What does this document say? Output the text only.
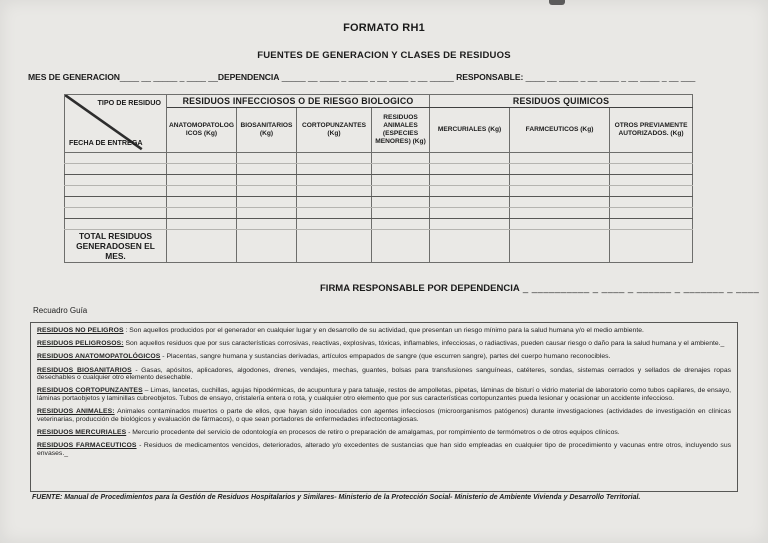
FORMATO RH1
FUENTES DE GENERACION Y CLASES DE RESIDUOS
MES DE GENERACION____ __ _____ _ ____ __DEPENDENCIA _____ __ ____ _ ____ _ __ ____ _ __ _____ RESPONSABLE: ____ __ ____ _ __ ____ _ __ ____ _ __ ___
TIPO DE RESIDUO
FECHA DE ENTREGA	RESIDUOS INFECCIOSOS O DE RIESGO BIOLOGICO				RESIDUOS QUIMICOS		
	ANATOMOPATOLOGICOS (Kg)	BIOSANITARIOS (Kg)	CORTOPUNZANTES (Kg)	RESIDUOS ANIMALES (ESPECIES MENORES) (Kg)	MERCURIALES (Kg)	FARMCEUTICOS (Kg)	OTROS PREVIAMENTE AUTORIZADOS. (Kg)

TOTAL RESIDUOS GENERADOSEN EL MES.							
FIRMA RESPONSABLE POR DEPENDENCIA _ __________ _ ____ _ ______ _ _______ _ ____
Recuadro Guía

RESIDUOS NO PELIGROS : Son aquellos producidos por el generador en cualquier lugar y en desarrollo de su actividad, que presentan un riesgo mínimo para la salud humana y/o el medio ambiente.

RESIDUOS PELIGROSOS: Son aquellos residuos que por sus características corrosivas, reactivas, explosivas, tóxicas, inflamables, infecciosas, o radiactivas, pueden causar riesgo o daño para la salud humana y el ambiente._

RESIDUOS ANATOMOPATOLÓGICOS - Placentas, sangre humana y sustancias derivadas, artículos empapados de sangre (que escurren sangre), partes del cuerpo humano reconocibles.

RESIDUOS BIOSANITARIOS - Gasas, apósitos, aplicadores, algodones, drenes, vendajes, mechas, guantes, bolsas para transfusiones sanguíneas, catéteres, sondas, sistemas cerrados y sellados de drenajes ropas desechables o cualquier otro elemento desechable.

RESIDUOS CORTOPUNZANTES – Limas, lancetas, cuchillas, agujas hipodérmicas, de acupuntura y para tatuaje, restos de ampolletas, pipetas, láminas de bisturí o vidrio material de laboratorio como tubos capilares, de ensayo, láminas portaobjetos y laminillas cubreobjetos. Tubos de ensayo, cristalería entera o rota, y cualquier otro elemento que por sus características cortopunzantes pueda lesionar y ocasionar un accidente infeccioso.

RESIDUOS ANIMALES: Animales contaminados muertos o parte de ellos, que hayan sido inoculados con agentes infecciosos (microorganismos patógenos) durante investigaciones (actividades de investigación en clínicas veterinarias, producción de biológicos y evaluación de fármacos), o que sean portadores de enfermedades infectocontagiosas.

RESIDUOS MERCURIALES - Mercurio procedente del servicio de odontología en procesos de retiro o preparación de amalgamas, por rompimiento de termómetros o de otros equipos clínicos.

RESIDUOS FARMACEUTICOS - Residuos de medicamentos vencidos, deteriorados, alterado y/o excedentes de sustancias que han sido empleadas en cualquier tipo de procedimiento y vacunas entre otros, incluyendo sus envases._

FUENTE: Manual de Procedimientos para la Gestión de Residuos Hospitalarios y Similares- Ministerio de la Protección Social- Ministerio de Ambiente Vivienda y Desarrollo Territorial.
